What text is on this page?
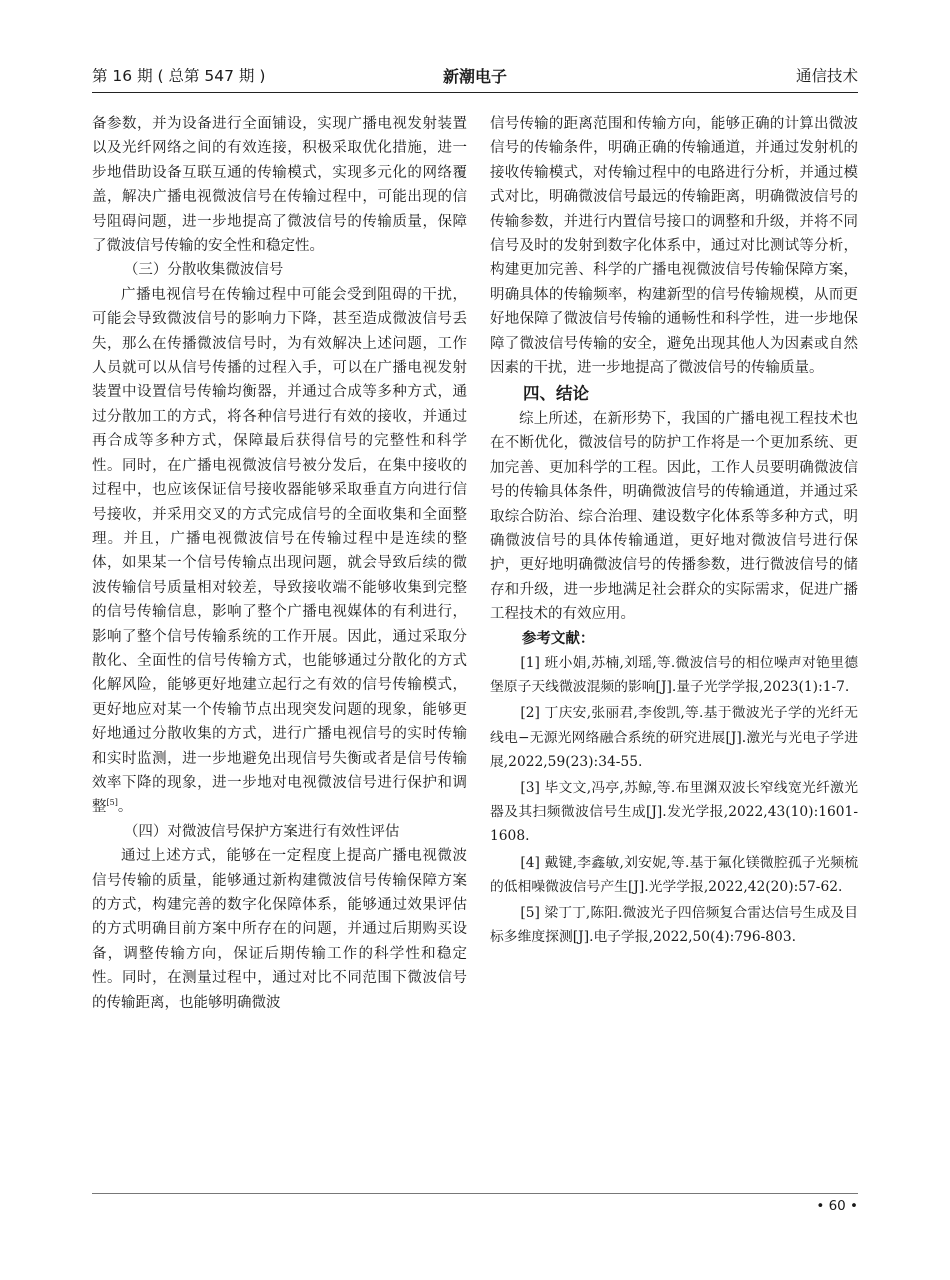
第 16 期 ( 总第 547 期 )	新潮电子	通信技术

备参数，并为设备进行全面铺设，实现广播电视发射装置以及光纤网络之间的有效连接，积极采取优化措施，进一步地借助设备互联互通的传输模式，实现多元化的网络覆盖，解决广播电视微波信号在传输过程中，可能出现的信号阻碍问题，进一步地提高了微波信号的传输质量，保障了微波信号传输的安全性和稳定性。

（三）分散收集微波信号

广播电视信号在传输过程中可能会受到阻碍的干扰，可能会导致微波信号的影响力下降，甚至造成微波信号丢失，那么在传播微波信号时，为有效解决上述问题，工作人员就可以从信号传播的过程入手，可以在广播电视发射装置中设置信号传输均衡器，并通过合成等多种方式，通过分散加工的方式，将各种信号进行有效的接收，并通过再合成等多种方式，保障最后获得信号的完整性和科学性。同时，在广播电视微波信号被分发后，在集中接收的过程中，也应该保证信号接收器能够采取垂直方向进行信号接收，并采用交叉的方式完成信号的全面收集和全面整理。并且，广播电视微波信号在传输过程中是连续的整体，如果某一个信号传输点出现问题，就会导致后续的微波传输信号质量相对较差，导致接收端不能够收集到完整的信号传输信息，影响了整个广播电视媒体的有利进行，影响了整个信号传输系统的工作开展。因此，通过采取分散化、全面性的信号传输方式，也能够通过分散化的方式化解风险，能够更好地建立起行之有效的信号传输模式，更好地应对某一个传输节点出现突发问题的现象，能够更好地通过分散收集的方式，进行广播电视信号的实时传输和实时监测，进一步地避免出现信号失衡或者是信号传输效率下降的现象，进一步地对电视微波信号进行保护和调整[5]。

（四）对微波信号保护方案进行有效性评估

通过上述方式，能够在一定程度上提高广播电视微波信号传输的质量，能够通过新构建微波信号传输保障方案的方式，构建完善的数字化保障体系，能够通过效果评估的方式明确目前方案中所存在的问题，并通过后期购买设备，调整传输方向，保证后期传输工作的科学性和稳定性。同时，在测量过程中，通过对比不同范围下微波信号的传输距离，也能够明确微波

信号传输的距离范围和传输方向，能够正确的计算出微波信号的传输条件，明确正确的传输通道，并通过发射机的接收传输模式，对传输过程中的电路进行分析，并通过模式对比，明确微波信号最远的传输距离，明确微波信号的传输参数，并进行内置信号接口的调整和升级，并将不同信号及时的发射到数字化体系中，通过对比测试等分析，构建更加完善、科学的广播电视微波信号传输保障方案，明确具体的传输频率，构建新型的信号传输规模，从而更好地保障了微波信号传输的通畅性和科学性，进一步地保障了微波信号传输的安全，避免出现其他人为因素或自然因素的干扰，进一步地提高了微波信号的传输质量。

四、结论

综上所述，在新形势下，我国的广播电视工程技术也在不断优化，微波信号的防护工作将是一个更加系统、更加完善、更加科学的工程。因此，工作人员要明确微波信号的传输具体条件，明确微波信号的传输通道，并通过采取综合防治、综合治理、建设数字化体系等多种方式，明确微波信号的具体传输通道，更好地对微波信号进行保护，更好地明确微波信号的传播参数，进行微波信号的储存和升级，进一步地满足社会群众的实际需求，促进广播工程技术的有效应用。

参考文献：

[1] 班小娟,苏楠,刘瑶,等.微波信号的相位噪声对铯里德堡原子天线微波混频的影响[J].量子光学学报,2023(1):1-7.

[2] 丁庆安,张丽君,李俊凯,等.基于微波光子学的光纤无线电−无源光网络融合系统的研究进展[J].激光与光电子学进展,2022,59(23):34-55.

[3] 毕文文,冯亭,苏鲸,等.布里渊双波长窄线宽光纤激光器及其扫频微波信号生成[J].发光学报,2022,43(10):1601-1608.

[4] 戴键,李鑫敏,刘安妮,等.基于氟化镁微腔孤子光频梳的低相噪微波信号产生[J].光学学报,2022,42(20):57-62.

[5] 梁丁丁,陈阳.微波光子四倍频复合雷达信号生成及目标多维度探测[J].电子学报,2022,50(4):796-803.

• 60 •
